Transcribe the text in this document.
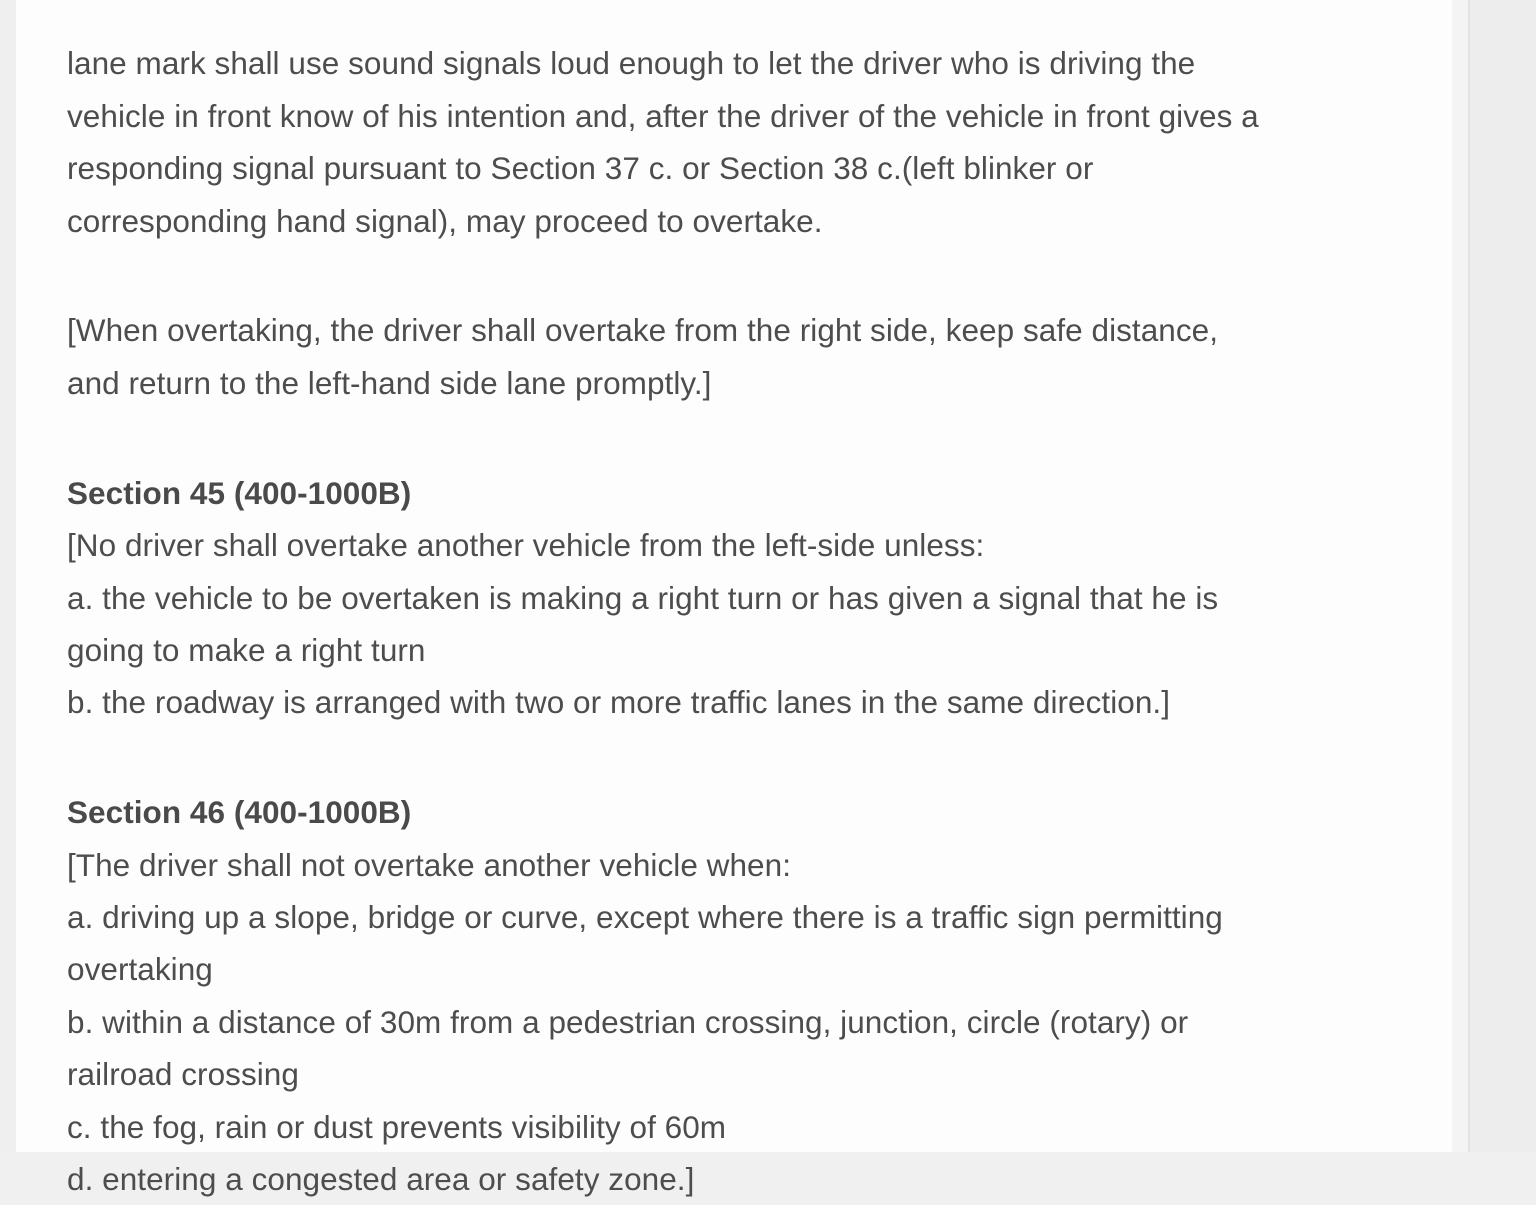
lane mark shall use sound signals loud enough to let the driver who is driving the
vehicle in front know of his intention and, after the driver of the vehicle in front gives a
responding signal pursuant to Section 37 c. or Section 38 c.(left blinker or
corresponding hand signal), may proceed to overtake.
[When overtaking, the driver shall overtake from the right side, keep safe distance,
and return to the left-hand side lane promptly.]
Section 45 (400-1000B)
[No driver shall overtake another vehicle from the left-side unless:
a. the vehicle to be overtaken is making a right turn or has given a signal that he is
going to make a right turn
b. the roadway is arranged with two or more traffic lanes in the same direction.]
Section 46 (400-1000B)
[The driver shall not overtake another vehicle when:
a. driving up a slope, bridge or curve, except where there is a traffic sign permitting
overtaking
b. within a distance of 30m from a pedestrian crossing, junction, circle (rotary) or
railroad crossing
c. the fog, rain or dust prevents visibility of 60m
d. entering a congested area or safety zone.]
